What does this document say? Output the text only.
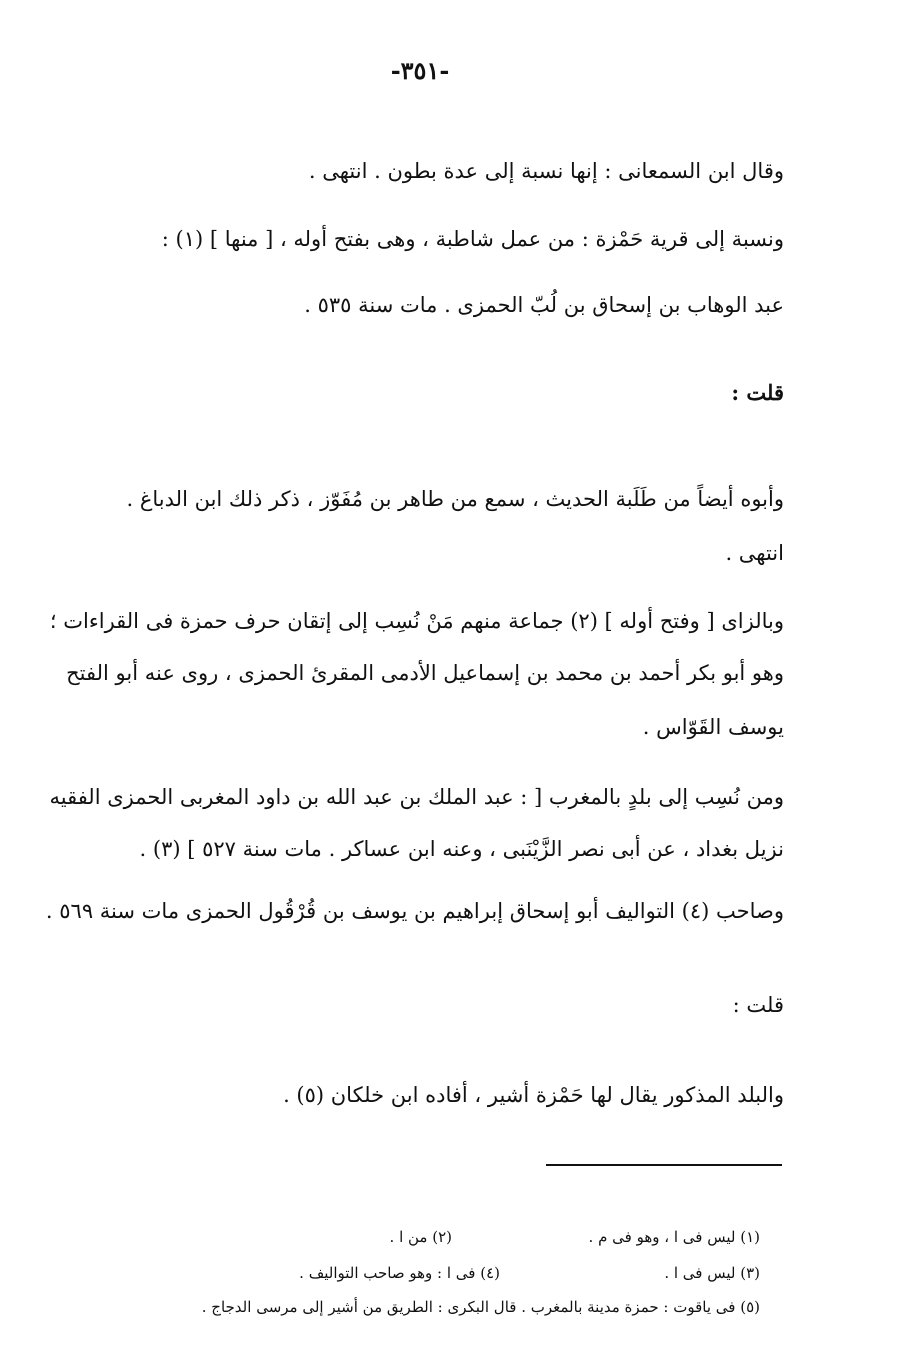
-٣٥١-
وقال ابن السمعانى : إنها نسبة إلى عدة بطون . انتهى .
ونسبة إلى قرية حَمْزة : من عمل شاطبة ، وهى بفتح أوله ، [ منها ] (١) :
عبد الوهاب بن إسحاق بن لُبّ الحمزى . مات سنة ٥٣٥ .
قلت :
وأبوه أيضاً من طَلَبة الحديث ، سمع من طاهر بن مُفَوّز ، ذكر ذلك ابن الدباغ .
انتهى .
وبالزاى [ وفتح أوله ] (٢) جماعة منهم مَنْ نُسِب إلى إتقان حرف حمزة فى القراءات ؛
وهو أبو بكر أحمد بن محمد بن إسماعيل الأدمى المقرئ الحمزى ، روى عنه أبو الفتح
يوسف القَوّاس .
ومن نُسِب إلى بلدٍ بالمغرب [ : عبد الملك بن عبد الله بن داود المغربى الحمزى الفقيه
نزيل بغداد ، عن أبى نصر الزَّيْنَبى ، وعنه ابن عساكر . مات سنة ٥٢٧ ] (٣) .
وصاحب (٤) التواليف أبو إسحاق إبراهيم بن يوسف بن قُرْقُول الحمزى مات سنة ٥٦٩ .
قلت :
والبلد المذكور يقال لها حَمْزة أشير ، أفاده ابن خلكان (٥) .
(١) ليس فى ا ، وهو فى م .
(٢) من ا .
(٣) ليس فى ا .
(٤) فى ا : وهو صاحب التواليف .
(٥) فى ياقوت : حمزة مدينة بالمغرب . قال البكرى : الطريق من أشير إلى مرسى الدجاج .
